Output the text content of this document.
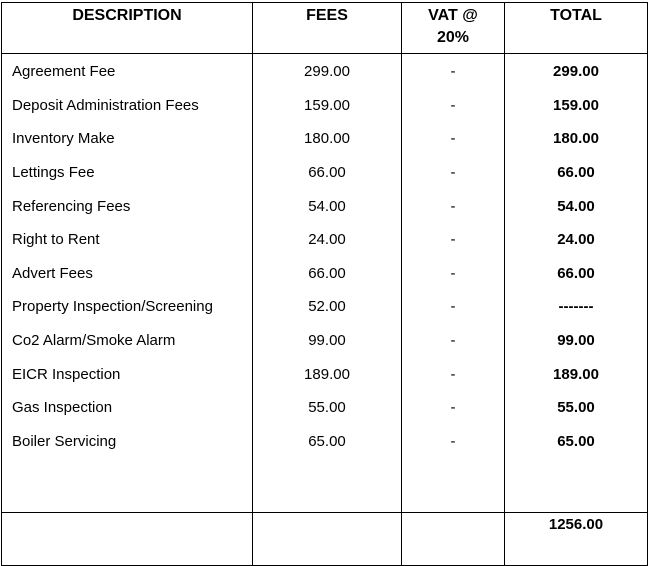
DESCRIPTION	FEES	VAT @ 20%	TOTAL
Agreement Fee	299.00	-	299.00
Deposit Administration Fees	159.00	-	159.00
Inventory Make	180.00	-	180.00
Lettings Fee	66.00	-	66.00
Referencing Fees	54.00	-	54.00
Right to Rent	24.00	-	24.00
Advert Fees	66.00	-	66.00
Property Inspection/Screening	52.00	-	-------
Co2 Alarm/Smoke Alarm	99.00	-	99.00
EICR Inspection	189.00	-	189.00
Gas Inspection	55.00	-	55.00
Boiler Servicing	65.00	-	65.00

			1256.00
